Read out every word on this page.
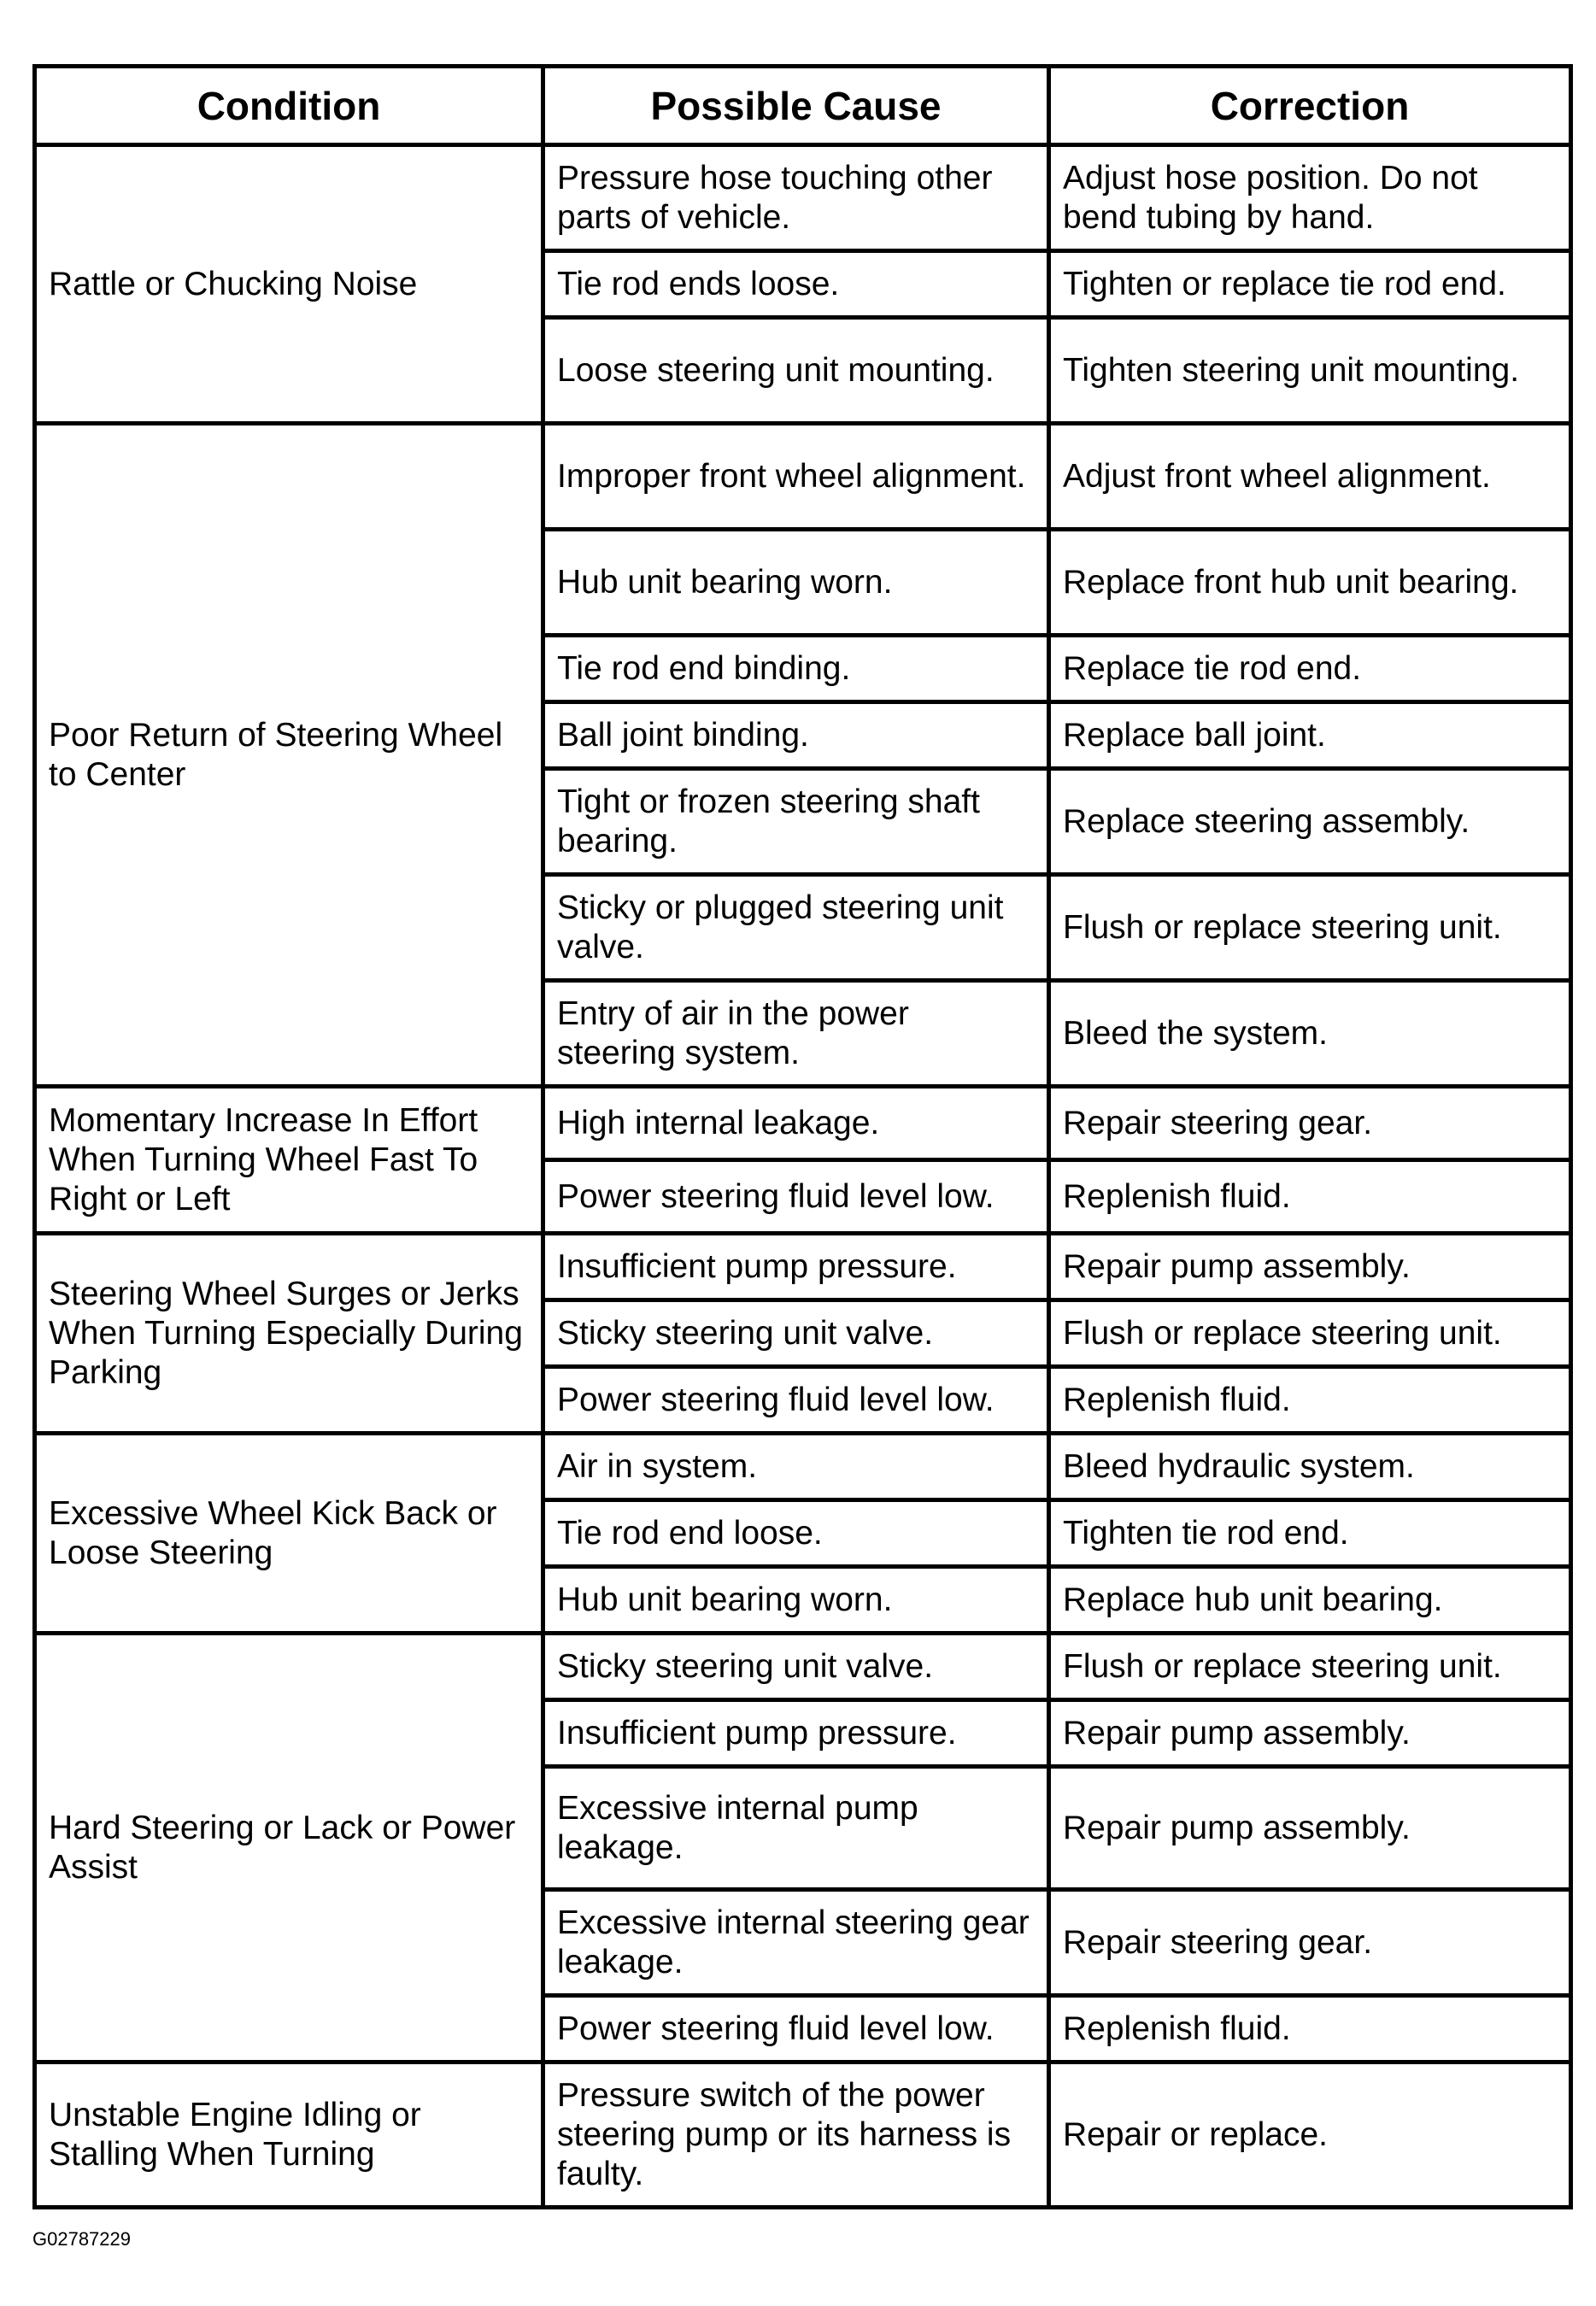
Condition	Possible Cause	Correction
Rattle or Chucking Noise	Pressure hose touching other parts of vehicle.	Adjust hose position. Do not bend tubing by hand.
	Tie rod ends loose.	Tighten or replace tie rod end.
	Loose steering unit mounting.	Tighten steering unit mounting.
Poor Return of Steering Wheel to Center	Improper front wheel alignment.	Adjust front wheel alignment.
	Hub unit bearing worn.	Replace front hub unit bearing.
	Tie rod end binding.	Replace tie rod end.
	Ball joint binding.	Replace ball joint.
	Tight or frozen steering shaft bearing.	Replace steering assembly.
	Sticky or plugged steering unit valve.	Flush or replace steering unit.
	Entry of air in the power steering system.	Bleed the system.
Momentary Increase In Effort When Turning Wheel Fast To Right or Left	High internal leakage.	Repair steering gear.
	Power steering fluid level low.	Replenish fluid.
Steering Wheel Surges or Jerks When Turning Especially During Parking	Insufficient pump pressure.	Repair pump assembly.
	Sticky steering unit valve.	Flush or replace steering unit.
	Power steering fluid level low.	Replenish fluid.
Excessive Wheel Kick Back or Loose Steering	Air in system.	Bleed hydraulic system.
	Tie rod end loose.	Tighten tie rod end.
	Hub unit bearing worn.	Replace hub unit bearing.
Hard Steering or Lack or Power Assist	Sticky steering unit valve.	Flush or replace steering unit.
	Insufficient pump pressure.	Repair pump assembly.
	Excessive internal pump leakage.	Repair pump assembly.
	Excessive internal steering gear leakage.	Repair steering gear.
	Power steering fluid level low.	Replenish fluid.
Unstable Engine Idling or Stalling When Turning	Pressure switch of the power steering pump or its harness is faulty.	Repair or replace.
G02787229
